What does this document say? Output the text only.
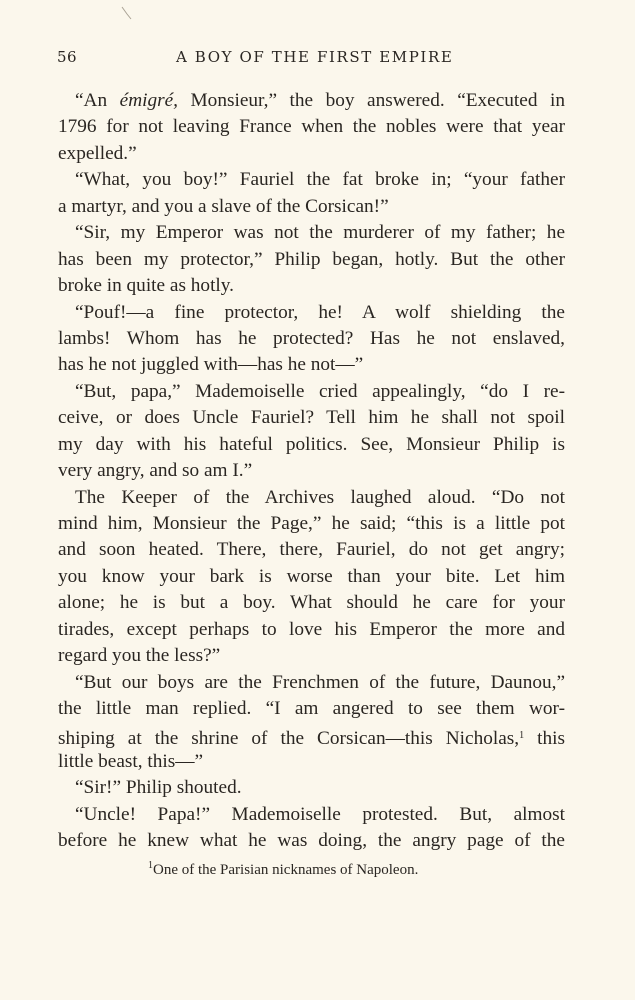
56	A BOY OF THE FIRST EMPIRE
“An émigré, Monsieur,” the boy answered. “Executed in
1796 for not leaving France when the nobles were that year
expelled.”
“What, you boy!” Fauriel the fat broke in; “your father
a martyr, and you a slave of the Corsican!”
“Sir, my Emperor was not the murderer of my father; he
has been my protector,” Philip began, hotly. But the other
broke in quite as hotly.
“Pouf!—a fine protector, he! A wolf shielding the
lambs! Whom has he protected? Has he not enslaved,
has he not juggled with—has he not—”
“But, papa,” Mademoiselle cried appealingly, “do I re-
ceive, or does Uncle Fauriel? Tell him he shall not spoil
my day with his hateful politics. See, Monsieur Philip is
very angry, and so am I.”
The Keeper of the Archives laughed aloud. “Do not
mind him, Monsieur the Page,” he said; “this is a little pot
and soon heated. There, there, Fauriel, do not get angry;
you know your bark is worse than your bite. Let him
alone; he is but a boy. What should he care for your
tirades, except perhaps to love his Emperor the more and
regard you the less?”
“But our boys are the Frenchmen of the future, Daunou,”
the little man replied. “I am angered to see them wor-
shiping at the shrine of the Corsican—this Nicholas,$^1$ this
little beast, this—”
“Sir!” Philip shouted.
“Uncle! Papa!” Mademoiselle protested. But, almost
before he knew what he was doing, the angry page of the
$^1$One of the Parisian nicknames of Napoleon.
